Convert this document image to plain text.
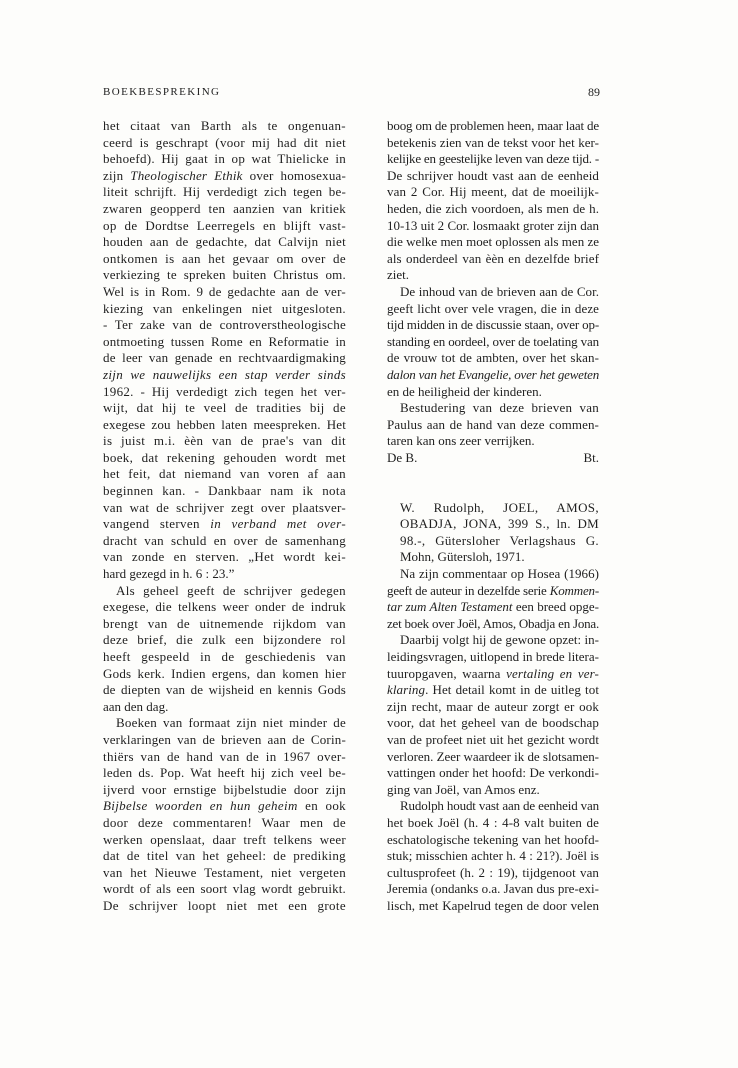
BOEKBESPREKING	89
het citaat van Barth als te ongenuan-
ceerd is geschrapt (voor mij had dit niet
behoefd). Hij gaat in op wat Thielicke in
zijn Theologischer Ethik over homosexua-
liteit schrijft. Hij verdedigt zich tegen be-
zwaren geopperd ten aanzien van kritiek
op de Dordtse Leerregels en blijft vast-
houden aan de gedachte, dat Calvijn niet
ontkomen is aan het gevaar om over de
verkiezing te spreken buiten Christus om.
Wel is in Rom. 9 de gedachte aan de ver-
kiezing van enkelingen niet uitgesloten.
- Ter zake van de controverstheologische
ontmoeting tussen Rome en Reformatie in
de leer van genade en rechtvaardigmaking
zijn we nauwelijks een stap verder sinds
1962. - Hij verdedigt zich tegen het ver-
wijt, dat hij te veel de tradities bij de
exegese zou hebben laten meespreken. Het
is juist m.i. èèn van de prae's van dit
boek, dat rekening gehouden wordt met
het feit, dat niemand van voren af aan
beginnen kan. - Dankbaar nam ik nota
van wat de schrijver zegt over plaatsver-
vangend sterven in verband met over-
dracht van schuld en over de samenhang
van zonde en sterven. „Het wordt kei-
hard gezegd in h. 6 : 23.”
Als geheel geeft de schrijver gedegen
exegese, die telkens weer onder de indruk
brengt van de uitnemende rijkdom van
deze brief, die zulk een bijzondere rol
heeft gespeeld in de geschiedenis van
Gods kerk. Indien ergens, dan komen hier
de diepten van de wijsheid en kennis Gods
aan den dag.
Boeken van formaat zijn niet minder de
verklaringen van de brieven aan de Corin-
thiërs van de hand van de in 1967 over-
leden ds. Pop. Wat heeft hij zich veel be-
ijverd voor ernstige bijbelstudie door zijn
Bijbelse woorden en hun geheim en ook
door deze commentaren! Waar men de
werken openslaat, daar treft telkens weer
dat de titel van het geheel: de prediking
van het Nieuwe Testament, niet vergeten
wordt of als een soort vlag wordt gebruikt.
De schrijver loopt niet met een grote
boog om de problemen heen, maar laat de
betekenis zien van de tekst voor het ker-
kelijke en geestelijke leven van deze tijd. -
De schrijver houdt vast aan de eenheid
van 2 Cor. Hij meent, dat de moeilijk-
heden, die zich voordoen, als men de h.
10-13 uit 2 Cor. losmaakt groter zijn dan
die welke men moet oplossen als men ze
als onderdeel van èèn en dezelfde brief
ziet.
De inhoud van de brieven aan de Cor.
geeft licht over vele vragen, die in deze
tijd midden in de discussie staan, over op-
standing en oordeel, over de toelating van
de vrouw tot de ambten, over het skan-
dalon van het Evangelie, over het geweten
en de heiligheid der kinderen.
Bestudering van deze brieven van
Paulus aan de hand van deze commen-
taren kan ons zeer verrijken.
De B.	Bt.
W. Rudolph, JOEL, AMOS,
OBADJA, JONA, 399 S., ln. DM
98.-, Gütersloher Verlagshaus G.
Mohn, Gütersloh, 1971.
Na zijn commentaar op Hosea (1966)
geeft de auteur in dezelfde serie Kommen-
tar zum Alten Testament een breed opge-
zet boek over Joël, Amos, Obadja en Jona.
Daarbij volgt hij de gewone opzet: in-
leidingsvragen, uitlopend in brede litera-
tuuropgaven, waarna vertaling en ver-
klaring. Het detail komt in de uitleg tot
zijn recht, maar de auteur zorgt er ook
voor, dat het geheel van de boodschap
van de profeet niet uit het gezicht wordt
verloren. Zeer waardeer ik de slotsamen-
vattingen onder het hoofd: De verkondi-
ging van Joël, van Amos enz.
Rudolph houdt vast aan de eenheid van
het boek Joël (h. 4 : 4-8 valt buiten de
eschatologische tekening van het hoofd-
stuk; misschien achter h. 4 : 21?). Joël is
cultusprofeet (h. 2 : 19), tijdgenoot van
Jeremia (ondanks o.a. Javan dus pre-exi-
lisch, met Kapelrud tegen de door velen
